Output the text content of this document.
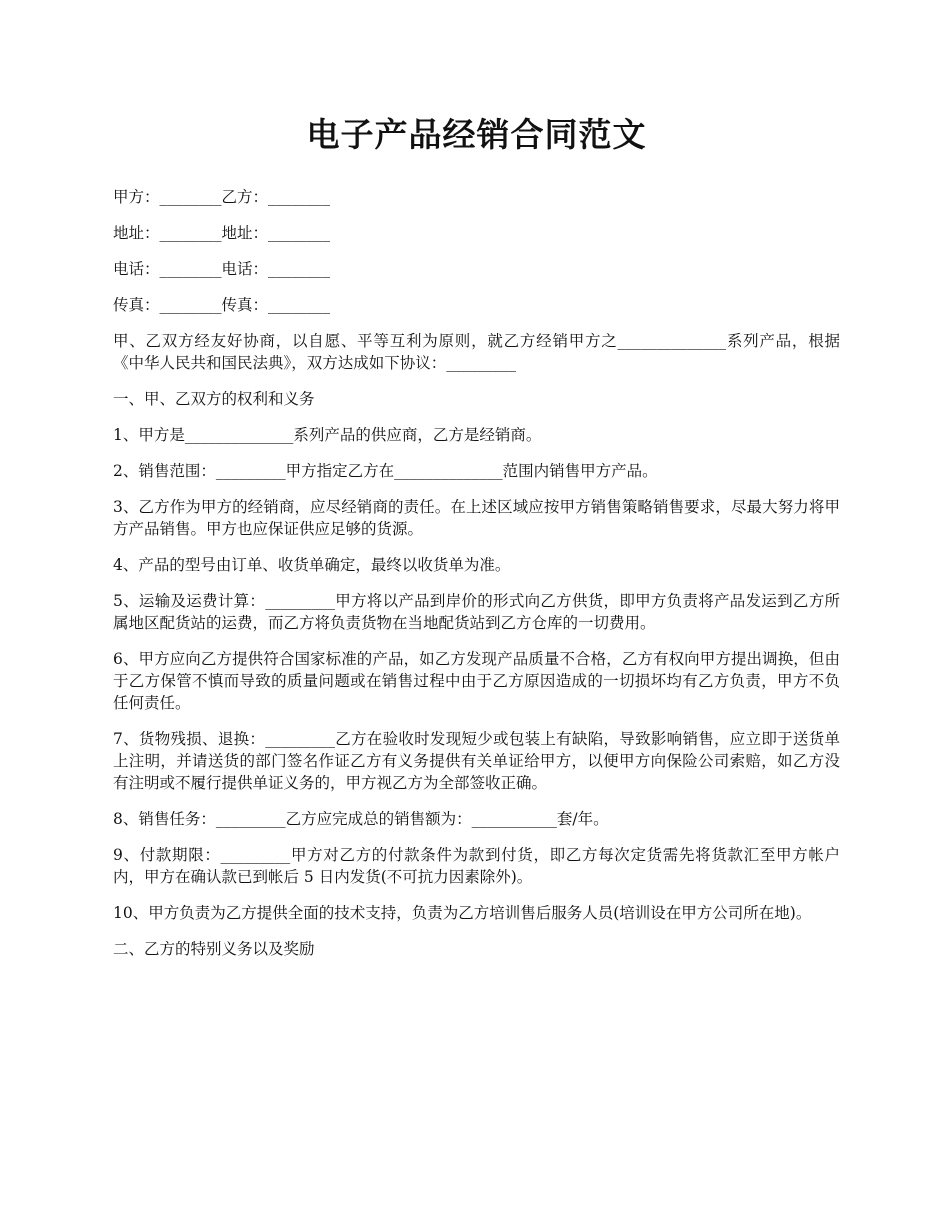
电子产品经销合同范文

甲方：________乙方：________

地址：________地址：________

电话：________电话：________

传真：________传真：________

甲、乙双方经友好协商，以自愿、平等互利为原则，就乙方经销甲方之______________系列产品，根据《中华人民共和国民法典》，双方达成如下协议：_________

一、甲、乙双方的权利和义务

1、甲方是______________系列产品的供应商，乙方是经销商。

2、销售范围：_________甲方指定乙方在______________范围内销售甲方产品。

3、乙方作为甲方的经销商，应尽经销商的责任。在上述区域应按甲方销售策略销售要求，尽最大努力将甲方产品销售。甲方也应保证供应足够的货源。

4、产品的型号由订单、收货单确定，最终以收货单为准。

5、运输及运费计算：_________甲方将以产品到岸价的形式向乙方供货，即甲方负责将产品发运到乙方所属地区配货站的运费，而乙方将负责货物在当地配货站到乙方仓库的一切费用。

6、甲方应向乙方提供符合国家标准的产品，如乙方发现产品质量不合格，乙方有权向甲方提出调换，但由于乙方保管不慎而导致的质量问题或在销售过程中由于乙方原因造成的一切损坏均有乙方负责，甲方不负任何责任。

7、货物残损、退换：_________乙方在验收时发现短少或包装上有缺陷，导致影响销售，应立即于送货单上注明，并请送货的部门签名作证乙方有义务提供有关单证给甲方，以便甲方向保险公司索赔，如乙方没有注明或不履行提供单证义务的，甲方视乙方为全部签收正确。

8、销售任务：_________乙方应完成总的销售额为：___________套/年。

9、付款期限：_________甲方对乙方的付款条件为款到付货，即乙方每次定货需先将货款汇至甲方帐户内，甲方在确认款已到帐后 5 日内发货(不可抗力因素除外)。

10、甲方负责为乙方提供全面的技术支持，负责为乙方培训售后服务人员(培训设在甲方公司所在地)。

二、乙方的特别义务以及奖励
